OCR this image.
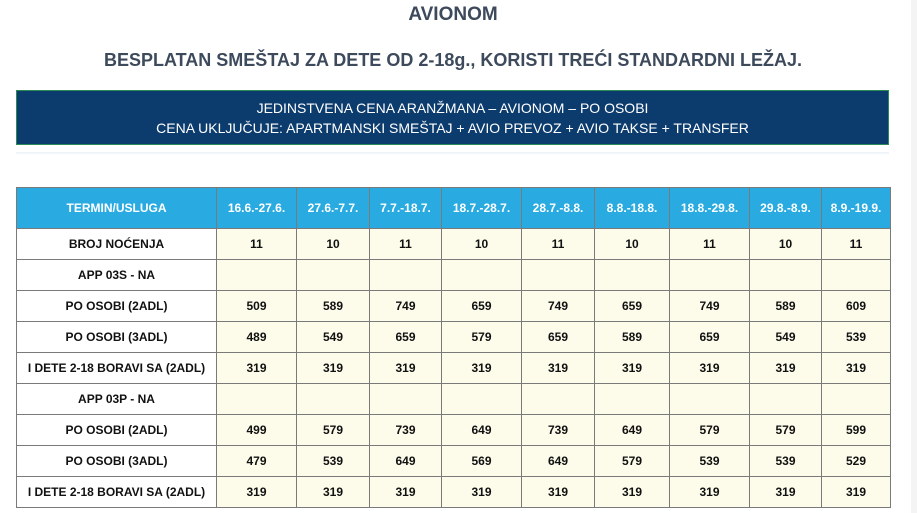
AVIONOM
BESPLATAN SMEŠTAJ ZA DETE OD 2-18g., KORISTI TREĆI STANDARDNI LEŽAJ.
JEDINSTVENA CENA ARANŽMANA – AVIONOM – PO OSOBI
CENA UKLJUČUJE: APARTMANSKI SMEŠTAJ + AVIO PREVOZ + AVIO TAKSE + TRANSFER
TERMIN/USLUGA	16.6.-27.6.	27.6.-7.7.	7.7.-18.7.	18.7.-28.7.	28.7.-8.8.	8.8.-18.8.	18.8.-29.8.	29.8.-8.9.	8.9.-19.9.
BROJ NOĆENJA	11	10	11	10	11	10	11	10	11
APP 03S - NA									
PO OSOBI (2ADL)	509	589	749	659	749	659	749	589	609
PO OSOBI (3ADL)	489	549	659	579	659	589	659	549	539
I DETE 2-18 BORAVI SA (2ADL)	319	319	319	319	319	319	319	319	319
APP 03P - NA									
PO OSOBI (2ADL)	499	579	739	649	739	649	579	579	599
PO OSOBI (3ADL)	479	539	649	569	649	579	539	539	529
I DETE 2-18 BORAVI SA (2ADL)	319	319	319	319	319	319	319	319	319
